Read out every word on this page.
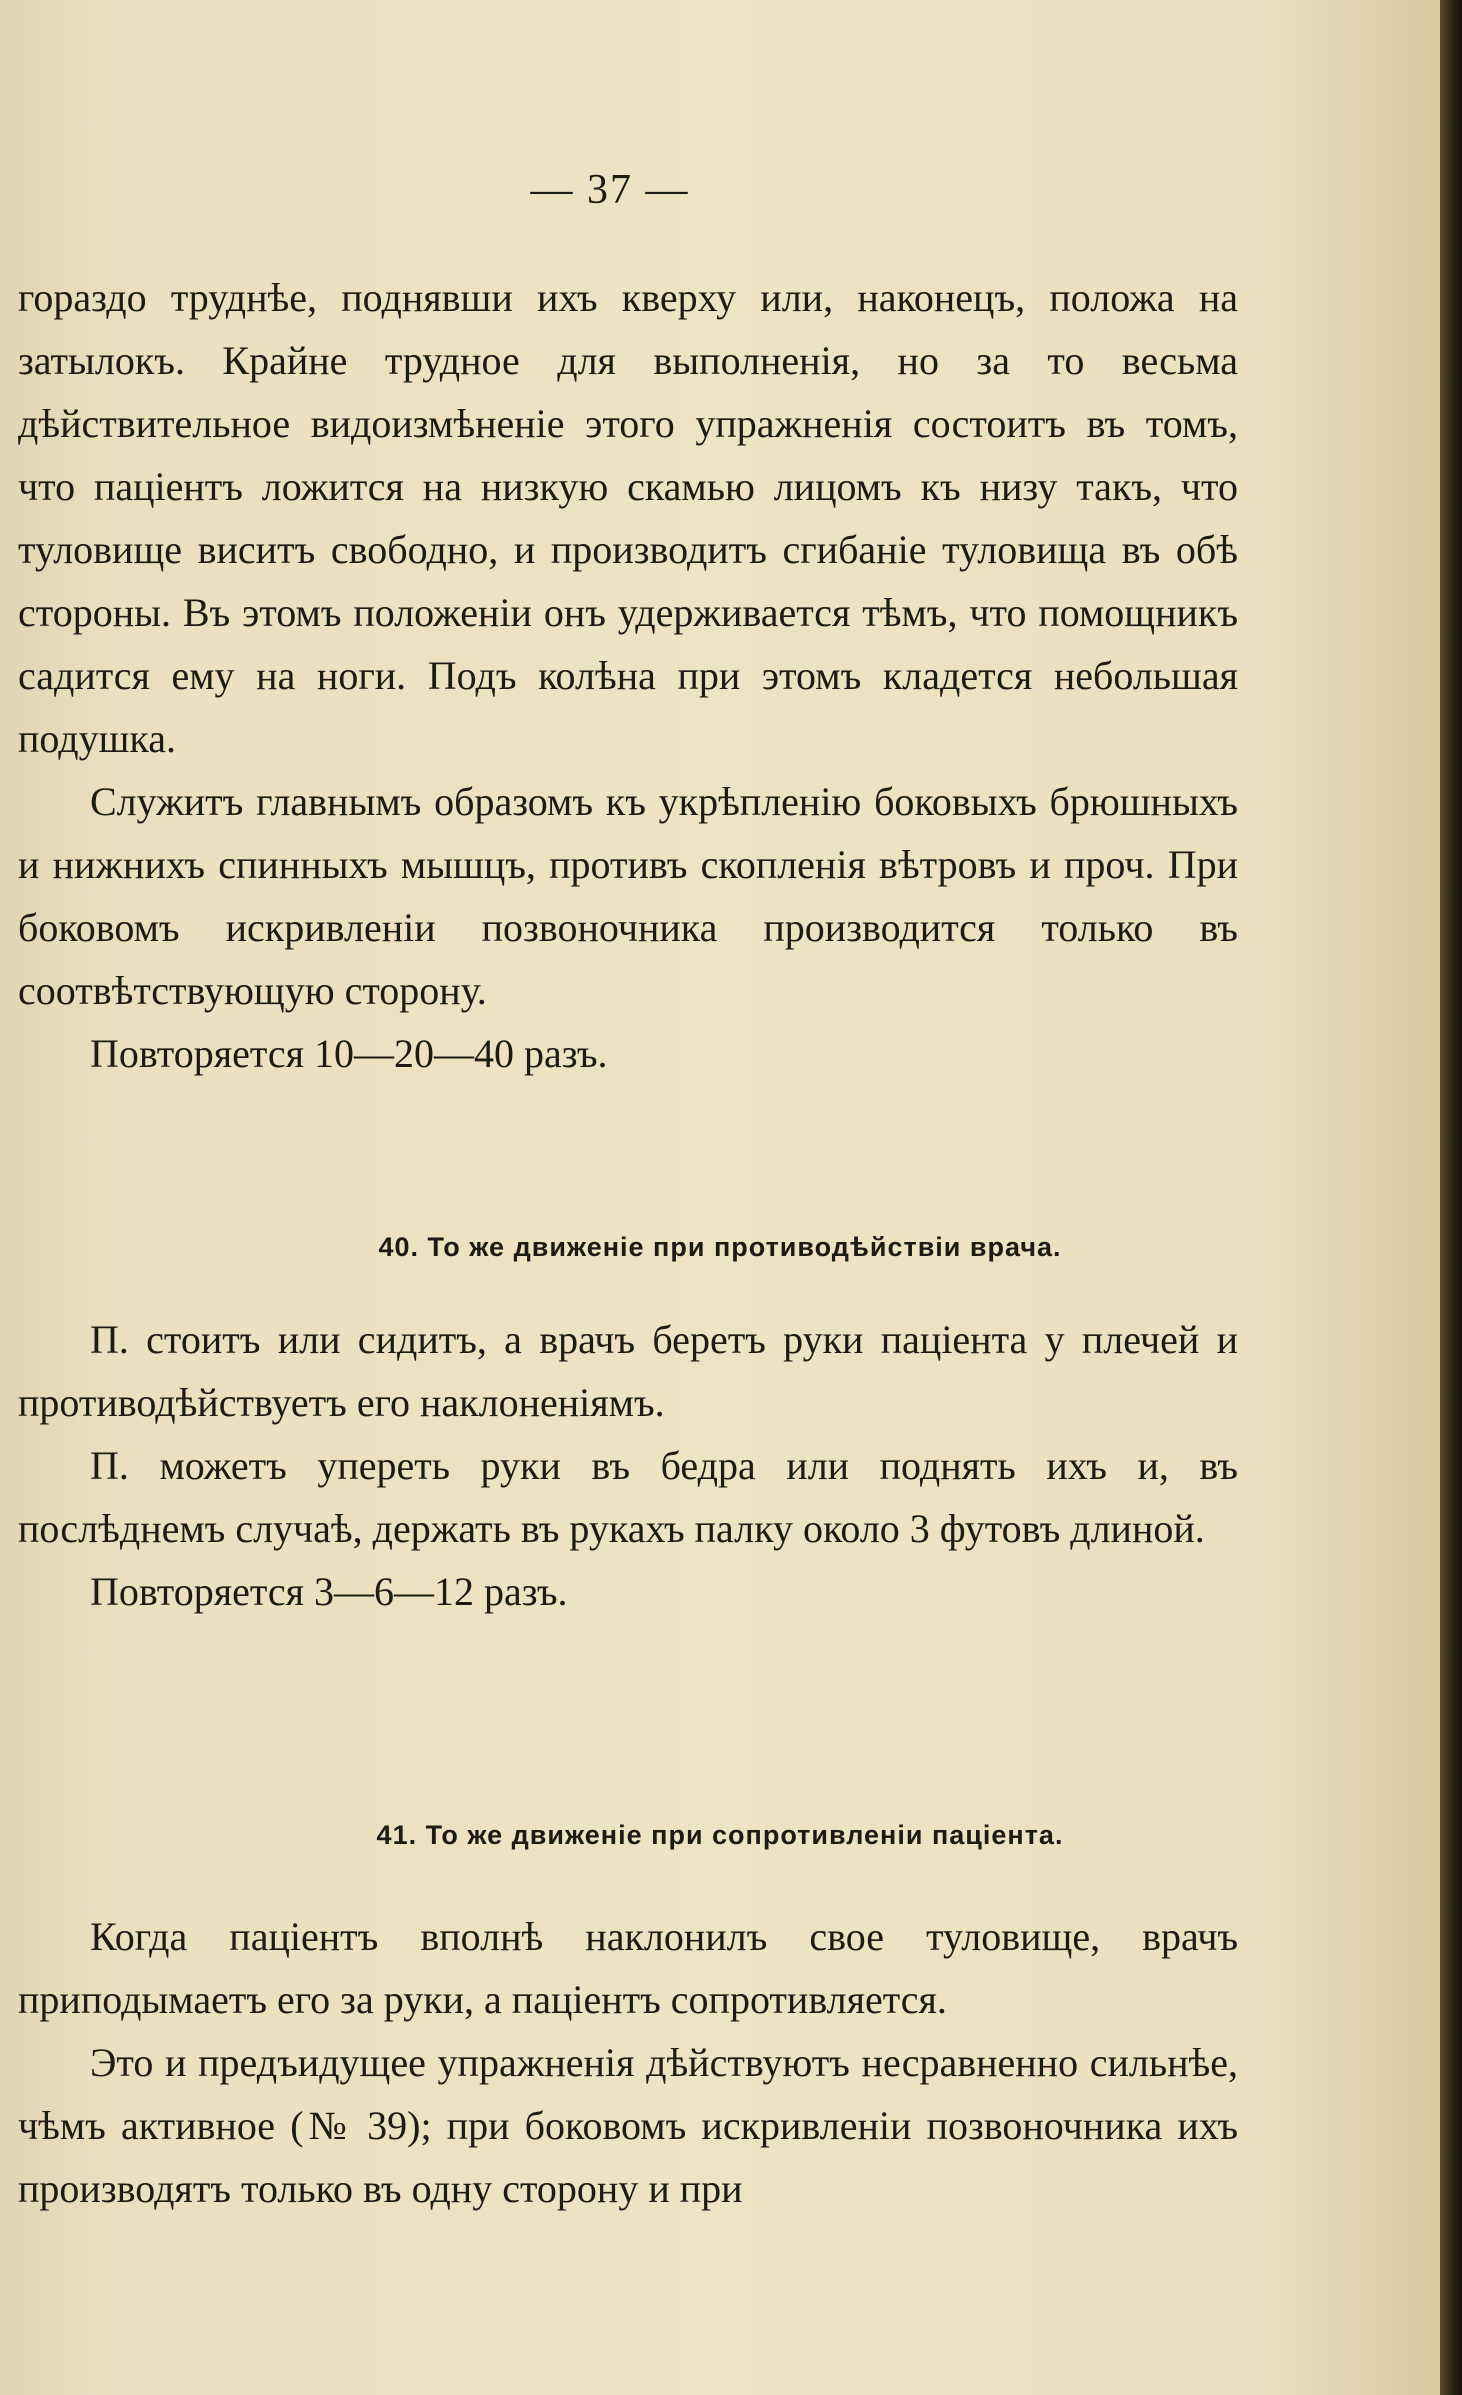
— 37 —

гораздо труднѣе, поднявши ихъ кверху или, наконецъ, положа на затылокъ. Крайне трудное для выполненія, но за то весьма дѣйствительное видоизмѣненіе этого упражненія состоитъ въ томъ, что паціентъ ложится на низкую скамью лицомъ къ низу такъ, что туловище виситъ свободно, и производитъ сгибаніе туловища въ обѣ стороны. Въ этомъ положеніи онъ удерживается тѣмъ, что помощникъ садится ему на ноги. Подъ колѣна при этомъ кладется небольшая подушка.

Служитъ главнымъ образомъ къ укрѣпленію боковыхъ брюшныхъ и нижнихъ спинныхъ мышцъ, противъ скопленія вѣтровъ и проч. При боковомъ искривленіи позвоночника производится только въ соотвѣтствующую сторону.

Повторяется 10—20—40 разъ.

40. То же движеніе при противодѣйствіи врача.

П. стоитъ или сидитъ, а врачъ беретъ руки паціента у плечей и противодѣйствуетъ его наклоненіямъ.

П. можетъ упереть руки въ бедра или поднять ихъ и, въ послѣднемъ случаѣ, держать въ рукахъ палку около 3 футовъ длиной.

Повторяется 3—6—12 разъ.

41. То же движеніе при сопротивленіи паціента.

Когда паціентъ вполнѣ наклонилъ свое туловище, врачъ приподымаетъ его за руки, а паціентъ сопротивляется.

Это и предъидущее упражненія дѣйствуютъ несравненно сильнѣе, чѣмъ активное (№ 39); при боковомъ искривленіи позвоночника ихъ производятъ только въ одну сторону и при
